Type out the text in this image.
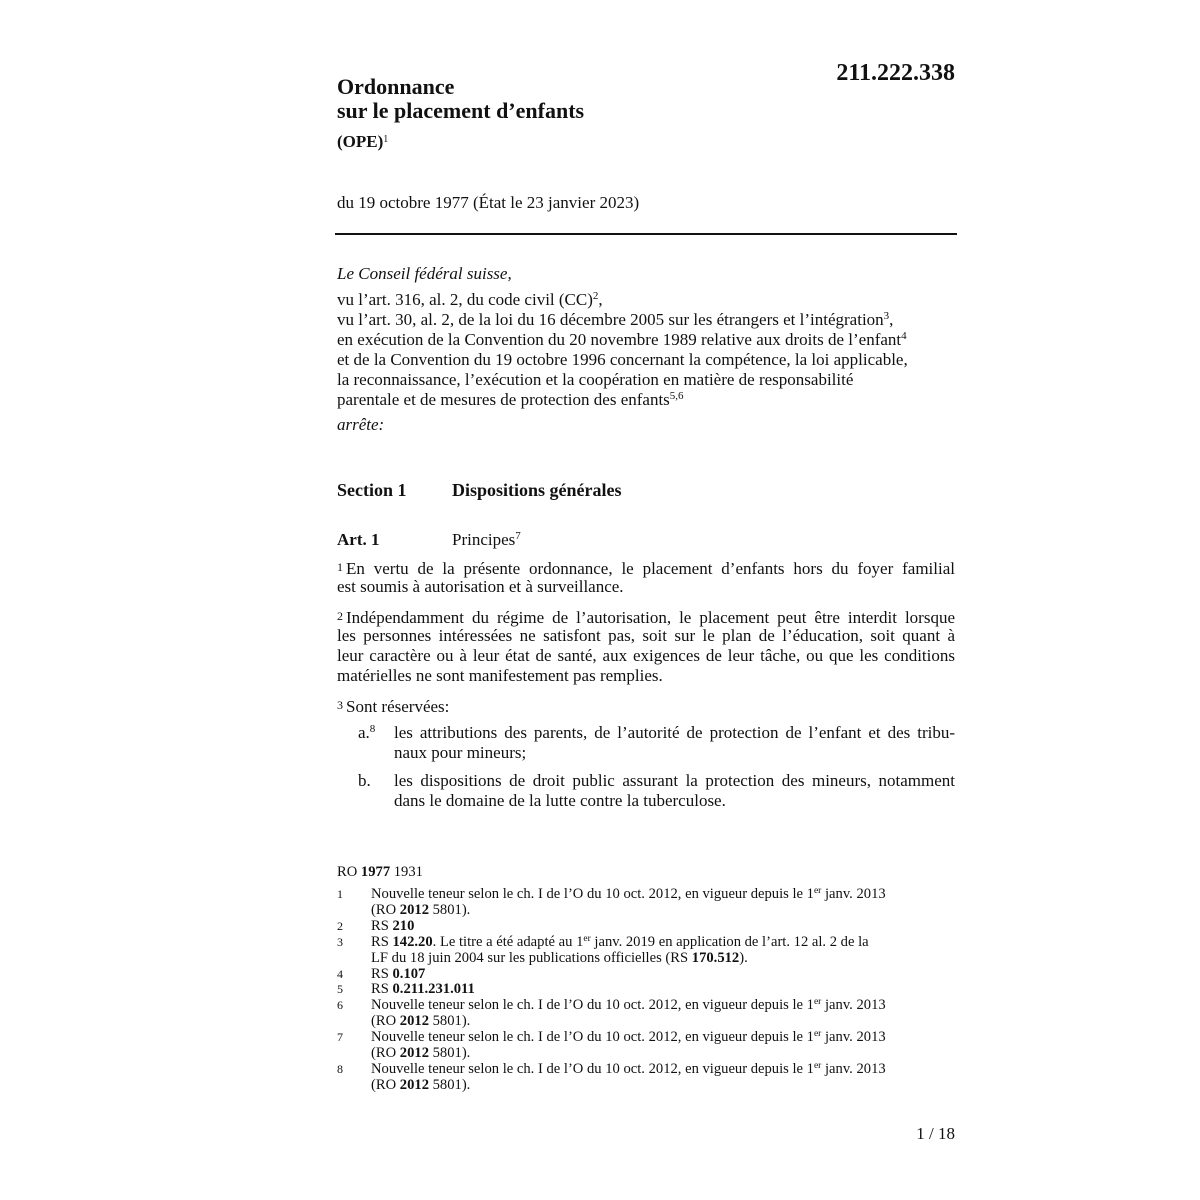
211.222.338
Ordonnance
sur le placement d’enfants
(OPE)$^1$
du 19 octobre 1977 (État le 23 janvier 2023)
Le Conseil fédéral suisse,
vu l’art. 316, al. 2, du code civil (CC)$^2$,
vu l’art. 30, al. 2, de la loi du 16 décembre 2005 sur les étrangers et l’intégration$^3$,
en exécution de la Convention du 20 novembre 1989 relative aux droits de l’enfant$^4$
et de la Convention du 19 octobre 1996 concernant la compétence, la loi applicable,
la reconnaissance, l’exécution et la coopération en matière de responsabilité
parentale et de mesures de protection des enfants$^{5,6}$
arrête:
Section 1	Dispositions générales
Art. 1	Principes$^7$
1 En vertu de la présente ordonnance, le placement d’enfants hors du foyer familial
est soumis à autorisation et à surveillance.
2 Indépendamment du régime de l’autorisation, le placement peut être interdit lorsque
les personnes intéressées ne satisfont pas, soit sur le plan de l’éducation, soit quant à
leur caractère ou à leur état de santé, aux exigences de leur tâche, ou que les conditions
matérielles ne sont manifestement pas remplies.
3 Sont réservées:
a.$^8$ les attributions des parents, de l’autorité de protection de l’enfant et des tribu-
naux pour mineurs;
b. les dispositions de droit public assurant la protection des mineurs, notamment
dans le domaine de la lutte contre la tuberculose.
RO 1977 1931
1 Nouvelle teneur selon le ch. I de l’O du 10 oct. 2012, en vigueur depuis le 1er janv. 2013
(RO 2012 5801).
2 RS 210
3 RS 142.20. Le titre a été adapté au 1er janv. 2019 en application de l’art. 12 al. 2 de la
LF du 18 juin 2004 sur les publications officielles (RS 170.512).
4 RS 0.107
5 RS 0.211.231.011
6 Nouvelle teneur selon le ch. I de l’O du 10 oct. 2012, en vigueur depuis le 1er janv. 2013
(RO 2012 5801).
7 Nouvelle teneur selon le ch. I de l’O du 10 oct. 2012, en vigueur depuis le 1er janv. 2013
(RO 2012 5801).
8 Nouvelle teneur selon le ch. I de l’O du 10 oct. 2012, en vigueur depuis le 1er janv. 2013
(RO 2012 5801).
1 / 18
